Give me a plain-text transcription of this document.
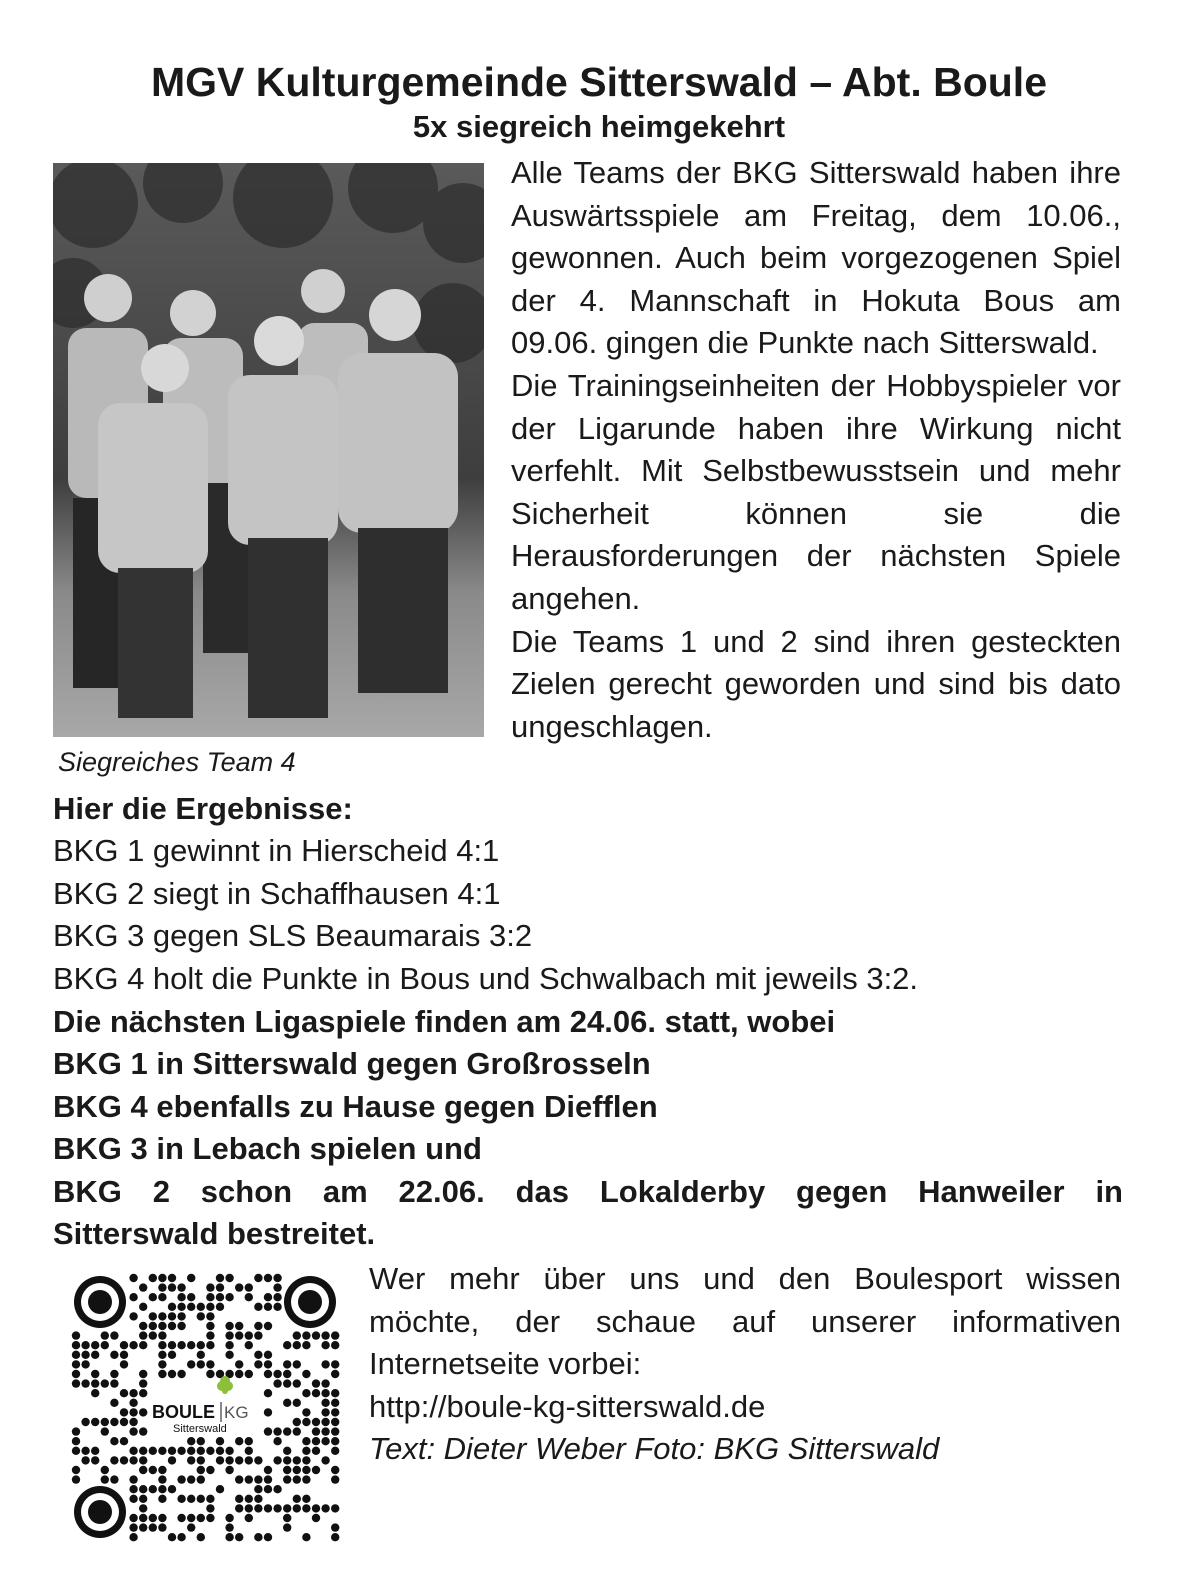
MGV Kulturgemeinde Sitterswald – Abt. Boule
5x siegreich heimgekehrt
Siegreiches Team 4

Alle Teams der BKG Sitterswald haben ihre Auswärtsspiele am Freitag, dem 10.06., gewonnen. Auch beim vorgezogenen Spiel der 4. Mannschaft in Hokuta Bous am 09.06. gingen die Punkte nach Sitterswald.

Die Trainingseinheiten der Hobbyspieler vor der Ligarunde haben ihre Wirkung nicht verfehlt. Mit Selbstbewusstsein und mehr Sicherheit können sie die Herausforderungen der nächsten Spiele angehen.

Die Teams 1 und 2 sind ihren gesteckten Zielen gerecht geworden und sind bis dato ungeschlagen.

Hier die Ergebnisse:
BKG 1 gewinnt in Hierscheid 4:1
BKG 2 siegt in Schaffhausen 4:1
BKG 3 gegen SLS Beaumarais 3:2
BKG 4 holt die Punkte in Bous und Schwalbach mit jeweils 3:2.
Die nächsten Ligaspiele finden am 24.06. statt, wobei
BKG 1 in Sitterswald gegen Großrosseln
BKG 4 ebenfalls zu Hause gegen Diefflen
BKG 3 in Lebach spielen und
BKG 2 schon am 22.06. das Lokalderby gegen Hanweiler in
Sitterswald bestreitet.
BOULE KG
Sitterswald
Wer mehr über uns und den Boulesport wissen möchte, der schaue auf unserer informativen Internetseite vorbei:
http://boule-kg-sitterswald.de
Text: Dieter Weber Foto: BKG Sitterswald
